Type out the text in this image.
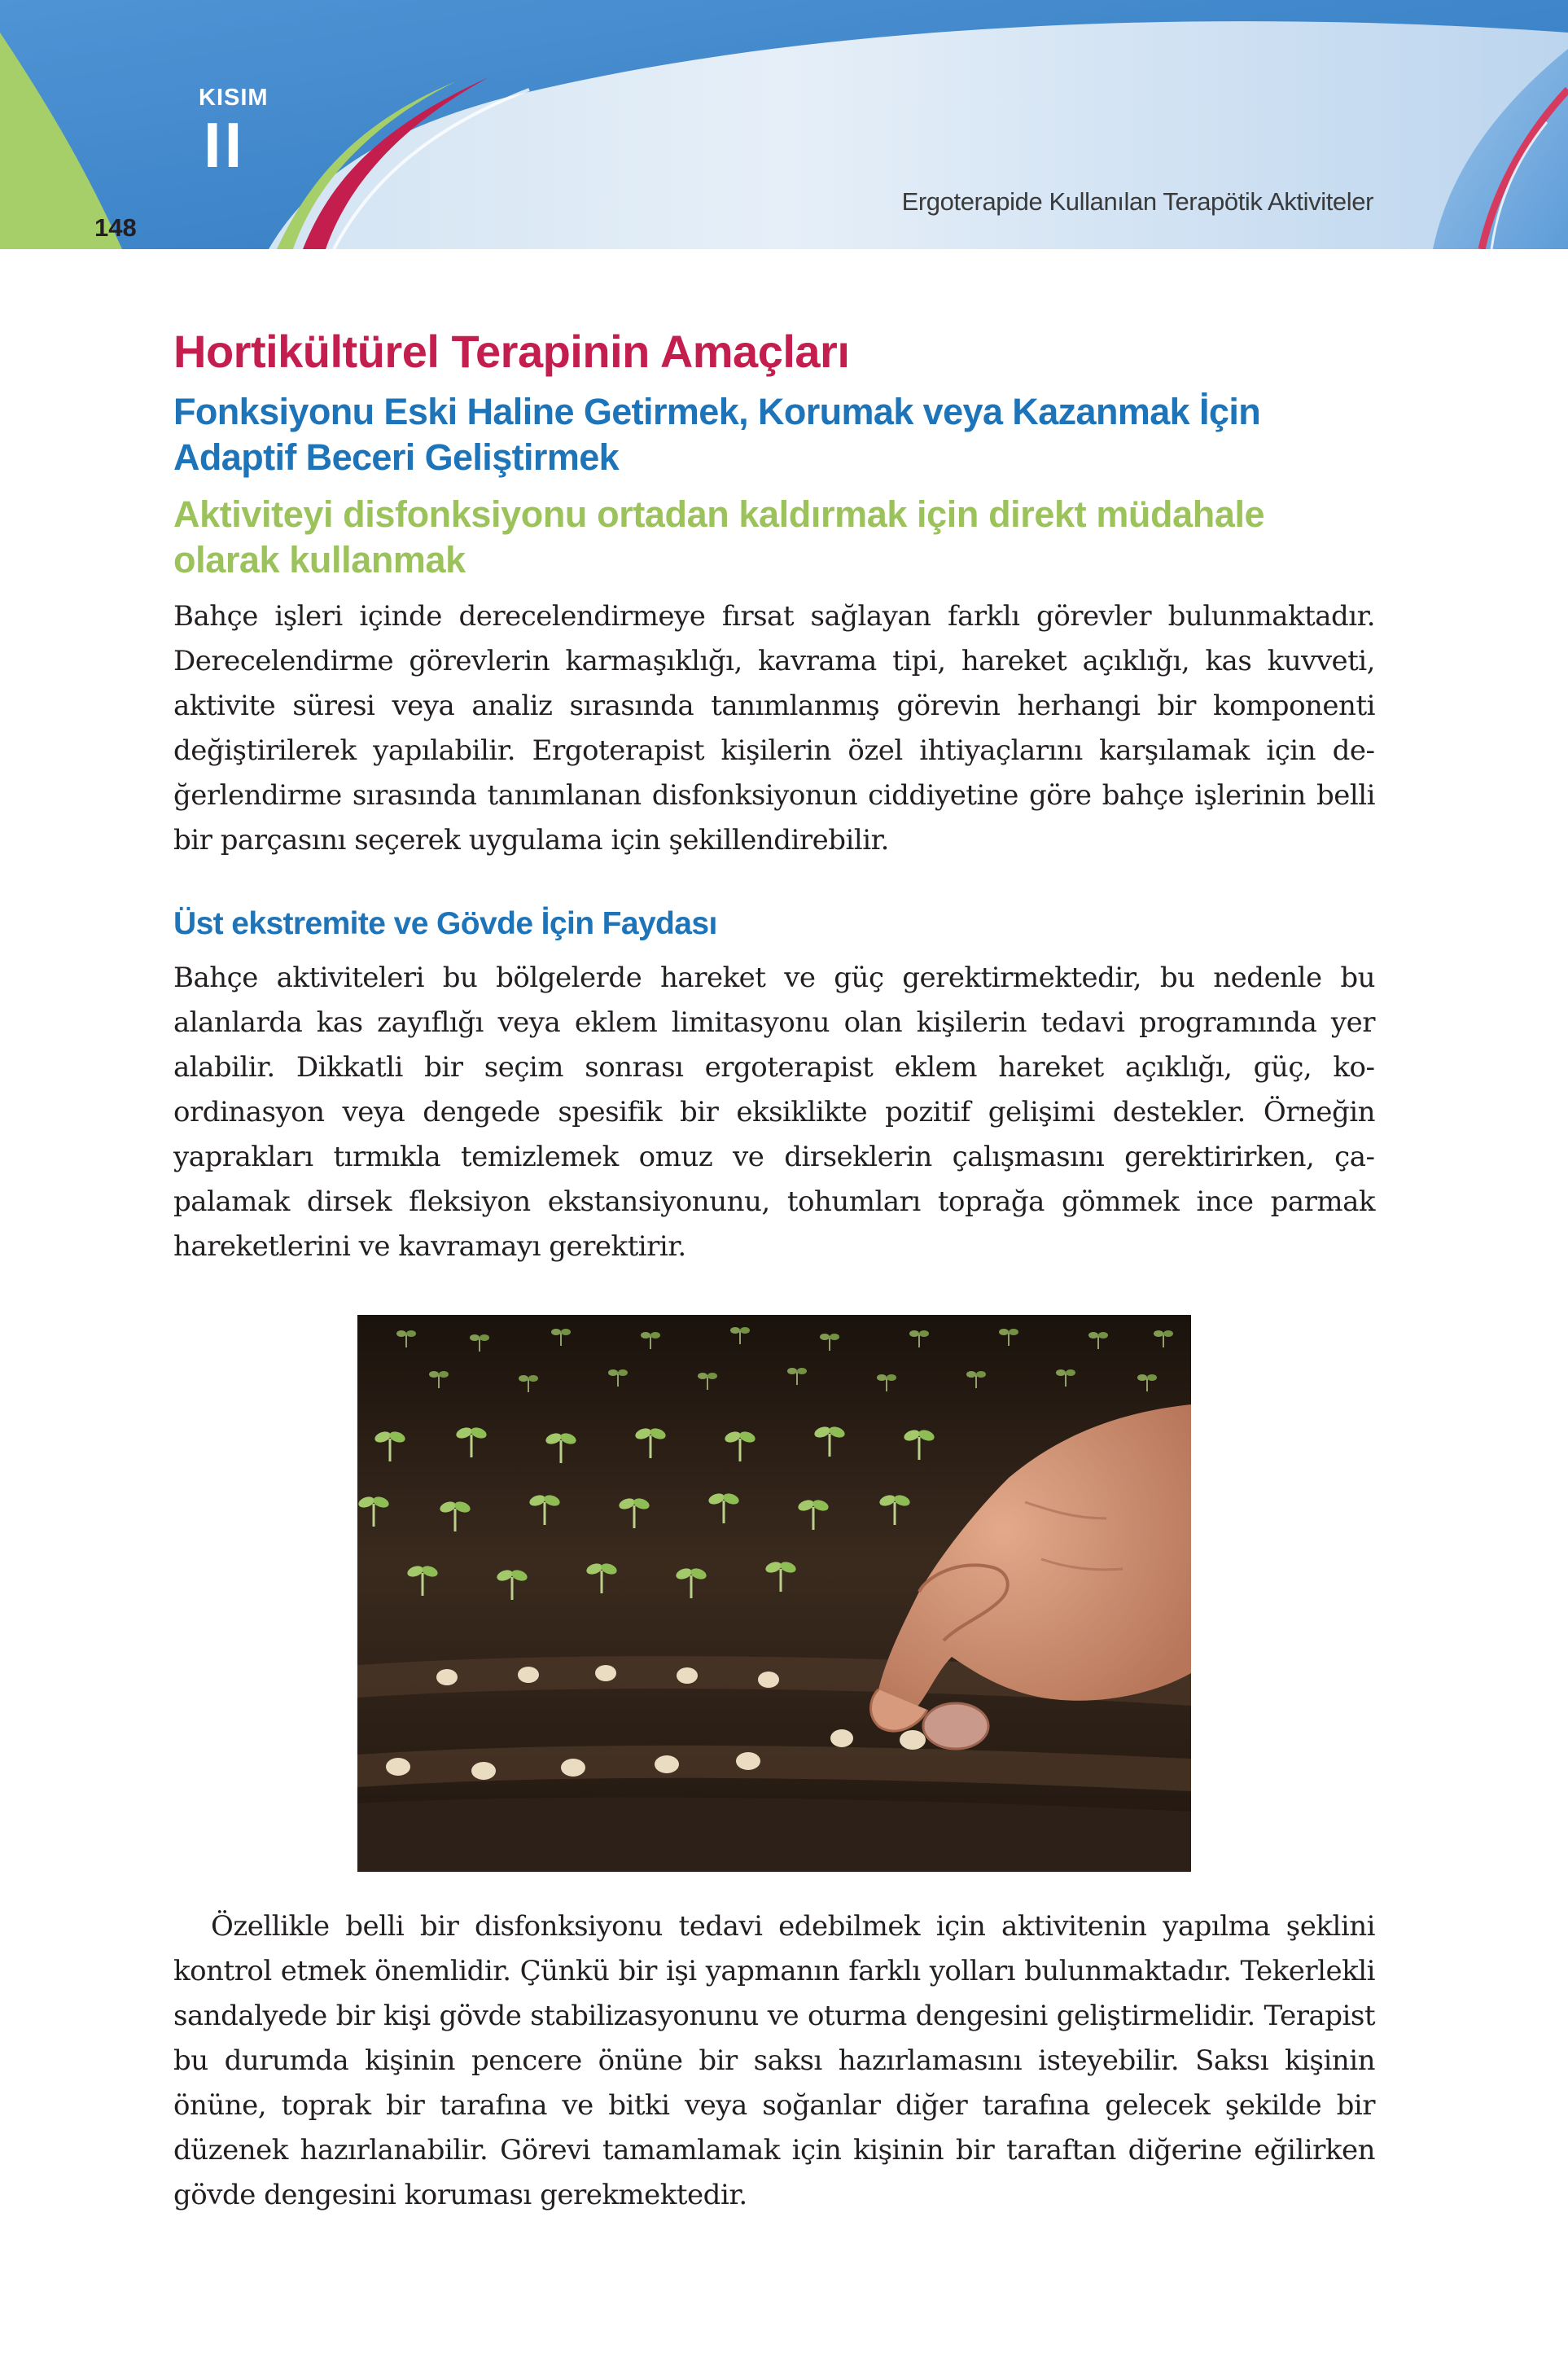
KISIM
II
148
Ergoterapide Kullanılan Terapötik Aktiviteler
Hortikültürel Terapinin Amaçları
Fonksiyonu Eski Haline Getirmek, Korumak veya Kazanmak İçin Adaptif Beceri Geliştirmek
Aktiviteyi disfonksiyonu ortadan kaldırmak için direkt müdahale olarak kullanmak

Bahçe işleri içinde derecelendirmeye fırsat sağlayan farklı görevler bulunmaktadır. Derecelendirme görevlerin karmaşıklığı, kavrama tipi, hareket açıklığı, kas kuvveti, aktivite süresi veya analiz sırasında tanımlanmış görevin herhangi bir komponenti değiştirilerek yapılabilir. Ergoterapist kişilerin özel ihtiyaçlarını karşılamak için değerlendirme sırasında tanımlanan disfonksiyonun ciddiyetine göre bahçe işlerinin belli bir parçasını seçerek uygulama için şekillendirebilir.

Üst ekstremite ve Gövde İçin Faydası

Bahçe aktiviteleri bu bölgelerde hareket ve güç gerektirmektedir, bu nedenle bu alanlarda kas zayıflığı veya eklem limitasyonu olan kişilerin tedavi programında yer alabilir. Dikkatli bir seçim sonrası ergoterapist eklem hareket açıklığı, güç, koordinasyon veya dengede spesifik bir eksiklikte pozitif gelişimi destekler. Örneğin yaprakları tırmıkla temizlemek omuz ve dirseklerin çalışmasını gerektirirken, çapalamak dirsek fleksiyon ekstansiyonunu, tohumları toprağa gömmek ince parmak hareketlerini ve kavramayı gerektirir.

Özellikle belli bir disfonksiyonu tedavi edebilmek için aktivitenin yapılma şeklini kontrol etmek önemlidir. Çünkü bir işi yapmanın farklı yolları bulunmaktadır. Tekerlekli sandalyede bir kişi gövde stabilizasyonunu ve oturma dengesini geliştirmelidir. Terapist bu durumda kişinin pencere önüne bir saksı hazırlamasını isteyebilir. Saksı kişinin önüne, toprak bir tarafına ve bitki veya soğanlar diğer tarafına gelecek şekilde bir düzenek hazırlanabilir. Görevi tamamlamak için kişinin bir taraftan diğerine eğilirken gövde dengesini koruması gerekmektedir.
